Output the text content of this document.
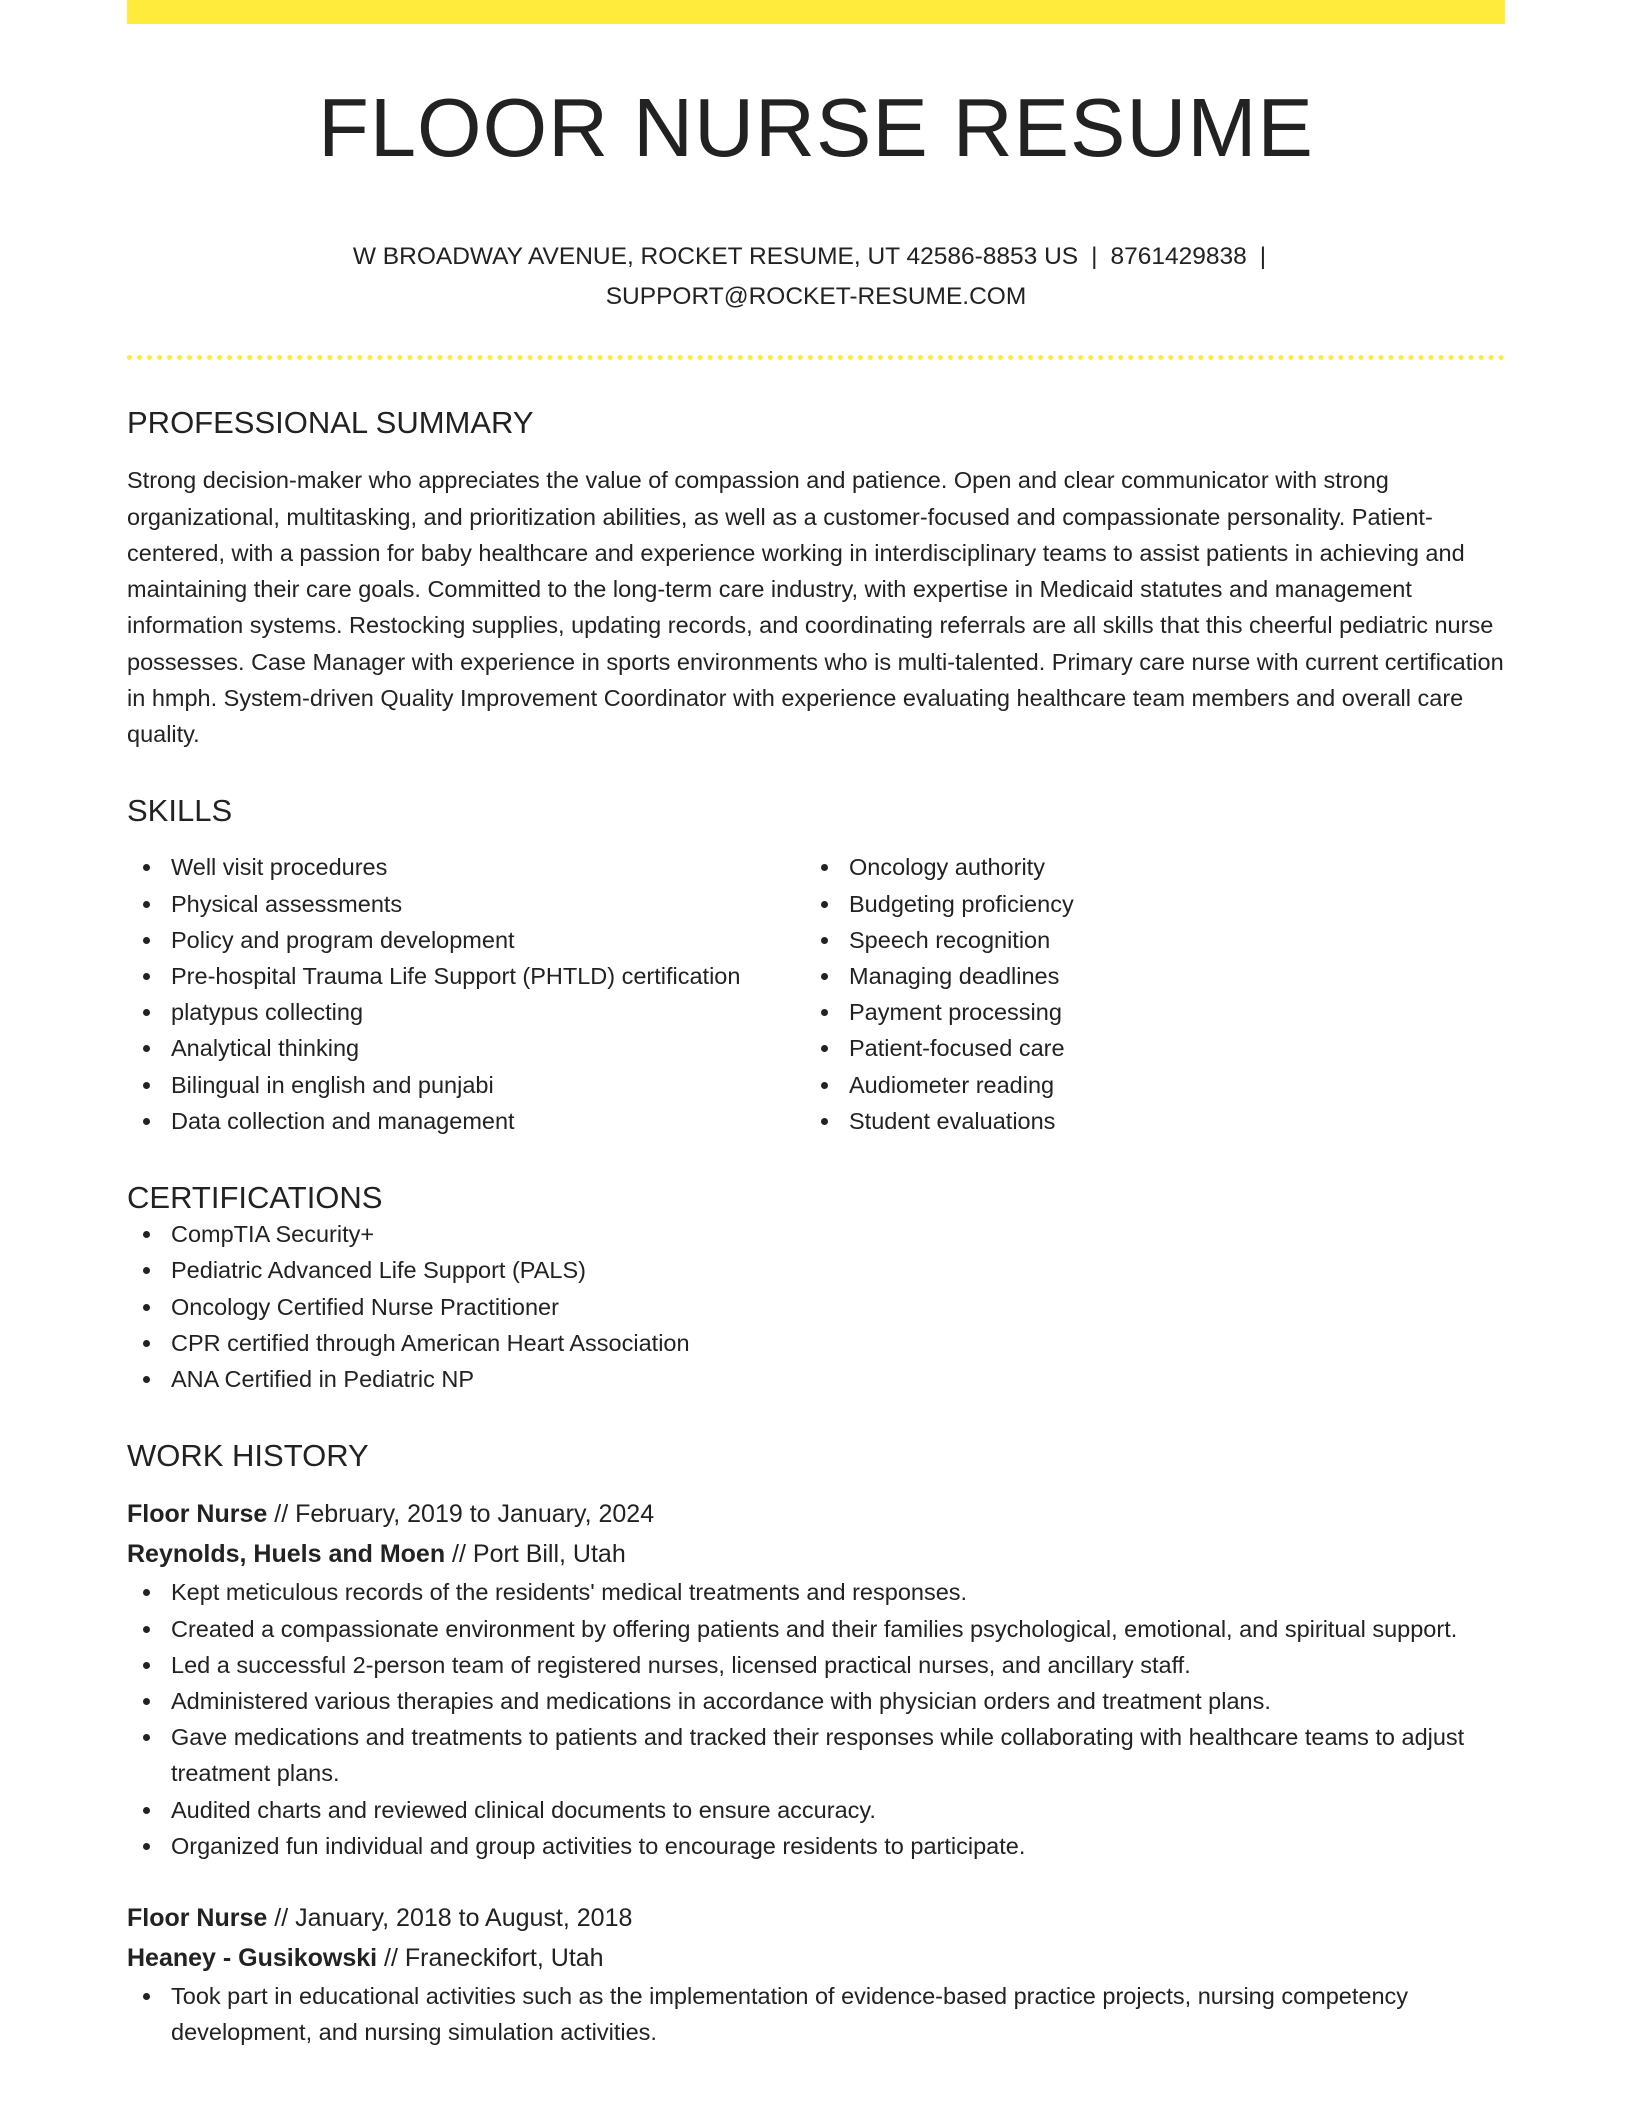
FLOOR NURSE RESUME
W BROADWAY AVENUE, ROCKET RESUME, UT 42586-8853 US | 8761429838 |
SUPPORT@ROCKET-RESUME.COM
PROFESSIONAL SUMMARY

Strong decision-maker who appreciates the value of compassion and patience. Open and clear communicator with strong organizational, multitasking, and prioritization abilities, as well as a customer-focused and compassionate personality. Patient-centered, with a passion for baby healthcare and experience working in interdisciplinary teams to assist patients in achieving and maintaining their care goals. Committed to the long-term care industry, with expertise in Medicaid statutes and management information systems. Restocking supplies, updating records, and coordinating referrals are all skills that this cheerful pediatric nurse possesses. Case Manager with experience in sports environments who is multi-talented. Primary care nurse with current certification in hmph. System-driven Quality Improvement Coordinator with experience evaluating healthcare team members and overall care quality.

SKILLS
Well visit procedures
Physical assessments
Policy and program development
Pre-hospital Trauma Life Support (PHTLD) certification
platypus collecting
Analytical thinking
Bilingual in english and punjabi
Data collection and management
Oncology authority
Budgeting proficiency
Speech recognition
Managing deadlines
Payment processing
Patient-focused care
Audiometer reading
Student evaluations
CERTIFICATIONS
CompTIA Security+
Pediatric Advanced Life Support (PALS)
Oncology Certified Nurse Practitioner
CPR certified through American Heart Association
ANA Certified in Pediatric NP
WORK HISTORY
Floor Nurse // February, 2019 to January, 2024
Reynolds, Huels and Moen // Port Bill, Utah
Kept meticulous records of the residents' medical treatments and responses.
Created a compassionate environment by offering patients and their families psychological, emotional, and spiritual support.
Led a successful 2-person team of registered nurses, licensed practical nurses, and ancillary staff.
Administered various therapies and medications in accordance with physician orders and treatment plans.
Gave medications and treatments to patients and tracked their responses while collaborating with healthcare teams to adjust treatment plans.
Audited charts and reviewed clinical documents to ensure accuracy.
Organized fun individual and group activities to encourage residents to participate.
Floor Nurse // January, 2018 to August, 2018
Heaney - Gusikowski // Franeckifort, Utah
Took part in educational activities such as the implementation of evidence-based practice projects, nursing competency development, and nursing simulation activities.
